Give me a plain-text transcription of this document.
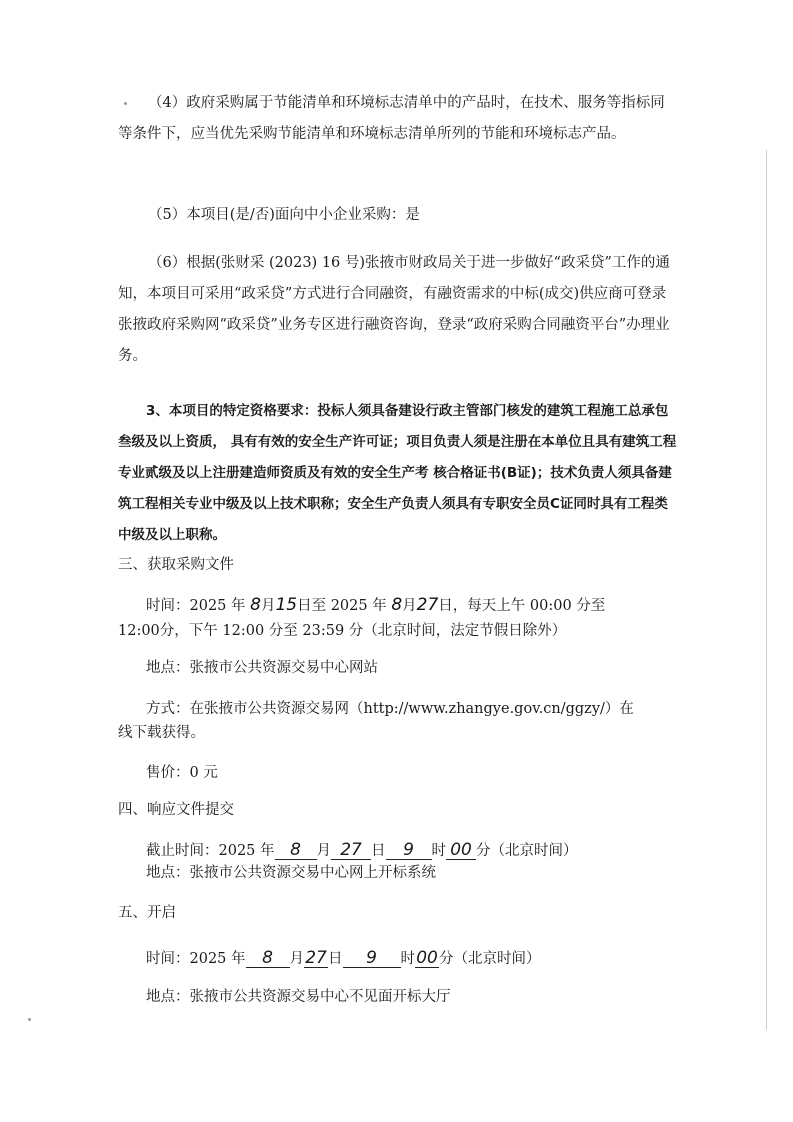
（4）政府采购属于节能清单和环境标志清单中的产品时，在技术、服务等指标同等条件下，应当优先采购节能清单和环境标志清单所列的节能和环境标志产品。

（5）本项目(是/否)面向中小企业采购：是

（6）根据(张财采 (2023) 16 号)张掖市财政局关于进一步做好“政采贷”工作的通知，本项目可采用“政采贷”方式进行合同融资，有融资需求的中标(成交)供应商可登录张掖政府采购网“政采贷”业务专区进行融资咨询，登录“政府采购合同融资平台”办理业务。

3、本项目的特定资格要求：投标人须具备建设行政主管部门核发的建筑工程施工总承包叁级及以上资质， 具有有效的安全生产许可证；项目负责人须是注册在本单位且具有建筑工程专业贰级及以上注册建造师资质及有效的安全生产考 核合格证书(B证)；技术负责人须具备建筑工程相关专业中级及以上技术职称；安全生产负责人须具有专职安全员C证同时具有工程类中级及以上职称。

三、获取采购文件

时间：2025 年 8月15日至 2025 年 8月27日，每天上午 00:00 分至

12:00分，下午 12:00 分至 23:59 分（北京时间，法定节假日除外）

地点：张掖市公共资源交易中心网站

方式：在张掖市公共资源交易网（http://www.zhangye.gov.cn/ggzy/）在

线下载获得。

售价：0 元

四、响应文件提交

截止时间：2025 年 8 月 27 日 9 时 00 分（北京时间）

地点：张掖市公共资源交易中心网上开标系统

五、开启

时间：2025 年 8 月27日 9 时00分（北京时间）

地点：张掖市公共资源交易中心不见面开标大厅
